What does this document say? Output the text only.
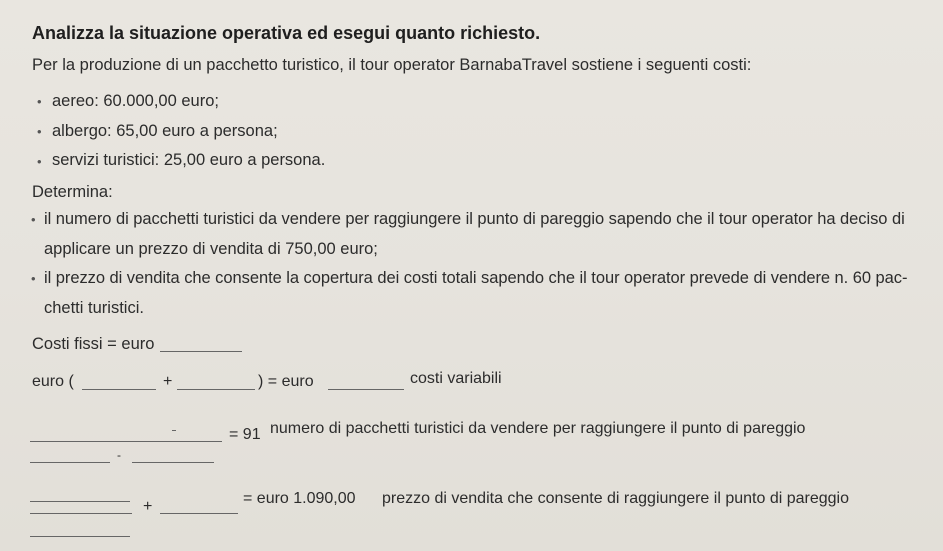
Analizza la situazione operativa ed esegui quanto richiesto.
Per la produzione di un pacchetto turistico, il tour operator BarnabaTravel sostiene i seguenti costi:
• aereo: 60.000,00 euro;
• albergo: 65,00 euro a persona;
• servizi turistici: 25,00 euro a persona.
Determina:
• il numero di pacchetti turistici da vendere per raggiungere il punto di pareggio sapendo che il tour operator ha deciso di
applicare un prezzo di vendita di 750,00 euro;
• il prezzo di vendita che consente la copertura dei costi totali sapendo che il tour operator prevede di vendere n. 60 pac-
chetti turistici.
Costi fissi = euro
euro (	+	) = euro	costi variabili
= 91 numero di pacchetti turistici da vendere per raggiungere il punto di pareggio
-
+	= euro 1.090,00 prezzo di vendita che consente di raggiungere il punto di pareggio
